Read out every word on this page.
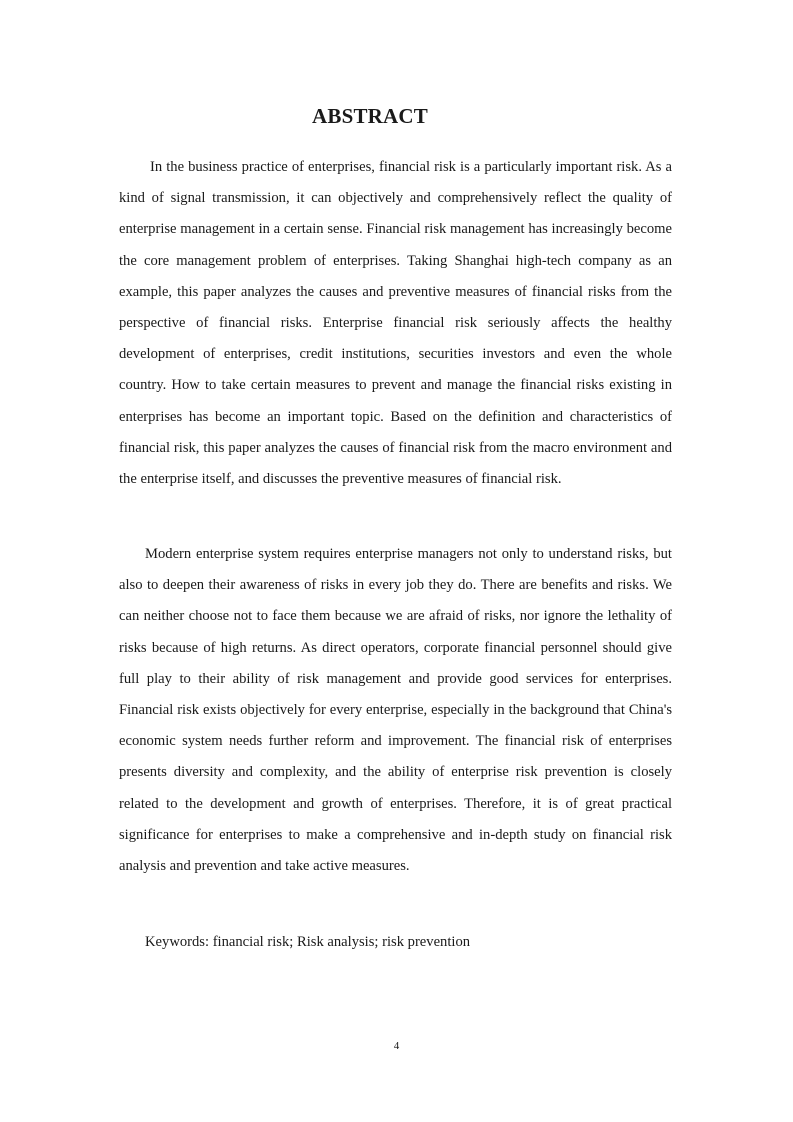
ABSTRACT

In the business practice of enterprises, financial risk is a particularly important risk. As a kind of signal transmission, it can objectively and comprehensively reflect the quality of enterprise management in a certain sense. Financial risk management has increasingly become the core management problem of enterprises. Taking Shanghai high-tech company as an example, this paper analyzes the causes and preventive measures of financial risks from the perspective of financial risks. Enterprise financial risk seriously affects the healthy development of enterprises, credit institutions, securities investors and even the whole country. How to take certain measures to prevent and manage the financial risks existing in enterprises has become an important topic. Based on the definition and characteristics of financial risk, this paper analyzes the causes of financial risk from the macro environment and the enterprise itself, and discusses the preventive measures of financial risk.

Modern enterprise system requires enterprise managers not only to understand risks, but also to deepen their awareness of risks in every job they do. There are benefits and risks. We can neither choose not to face them because we are afraid of risks, nor ignore the lethality of risks because of high returns. As direct operators, corporate financial personnel should give full play to their ability of risk management and provide good services for enterprises. Financial risk exists objectively for every enterprise, especially in the background that China's economic system needs further reform and improvement. The financial risk of enterprises presents diversity and complexity, and the ability of enterprise risk prevention is closely related to the development and growth of enterprises. Therefore, it is of great practical significance for enterprises to make a comprehensive and in-depth study on financial risk analysis and prevention and take active measures.

Keywords: financial risk; Risk analysis; risk prevention

4
